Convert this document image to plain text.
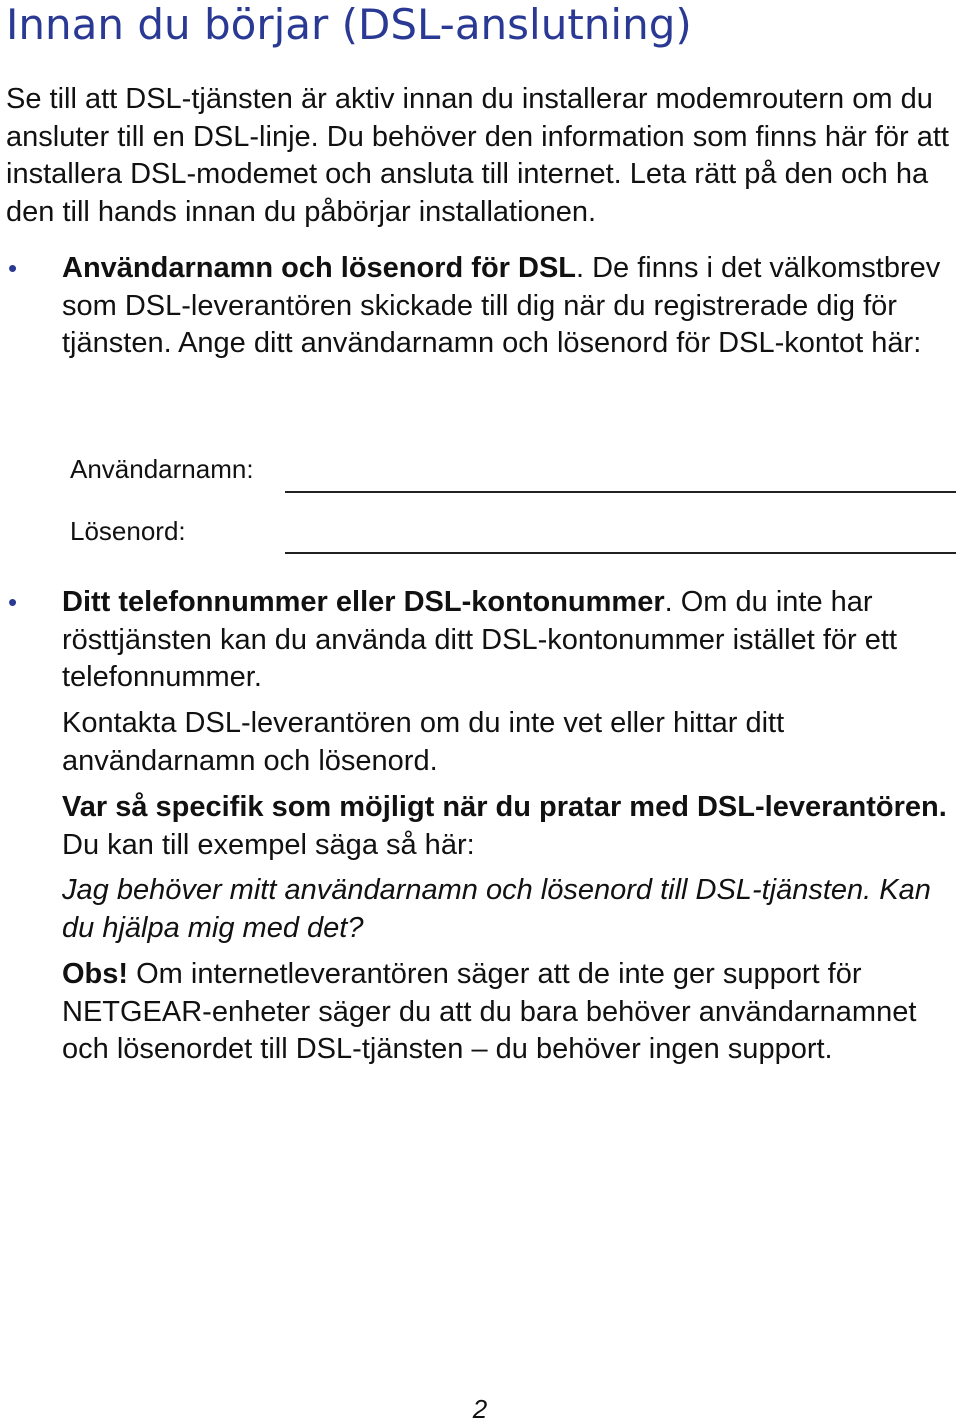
Innan du börjar (DSL-anslutning)

Se till att DSL-tjänsten är aktiv innan du installerar modemroutern om du ansluter till en DSL-linje. Du behöver den information som finns här för att installera DSL-modemet och ansluta till internet. Leta rätt på den och ha den till hands innan du påbörjar installationen.

• Användarnamn och lösenord för DSL. De finns i det välkomstbrev som DSL-leverantören skickade till dig när du registrerade dig för tjänsten. Ange ditt användarnamn och lösenord för DSL-kontot här:

Användarnamn:
Lösenord:
• Ditt telefonnummer eller DSL-kontonummer. Om du inte har rösttjänsten kan du använda ditt DSL-kontonummer istället för ett telefonnummer.

Kontakta DSL-leverantören om du inte vet eller hittar ditt användarnamn och lösenord.

Var så specifik som möjligt när du pratar med DSL-leverantören. Du kan till exempel säga så här:

Jag behöver mitt användarnamn och lösenord till DSL-tjänsten. Kan du hjälpa mig med det?

Obs! Om internetleverantören säger att de inte ger support för NETGEAR-enheter säger du att du bara behöver användarnamnet och lösenordet till DSL-tjänsten – du behöver ingen support.

2
